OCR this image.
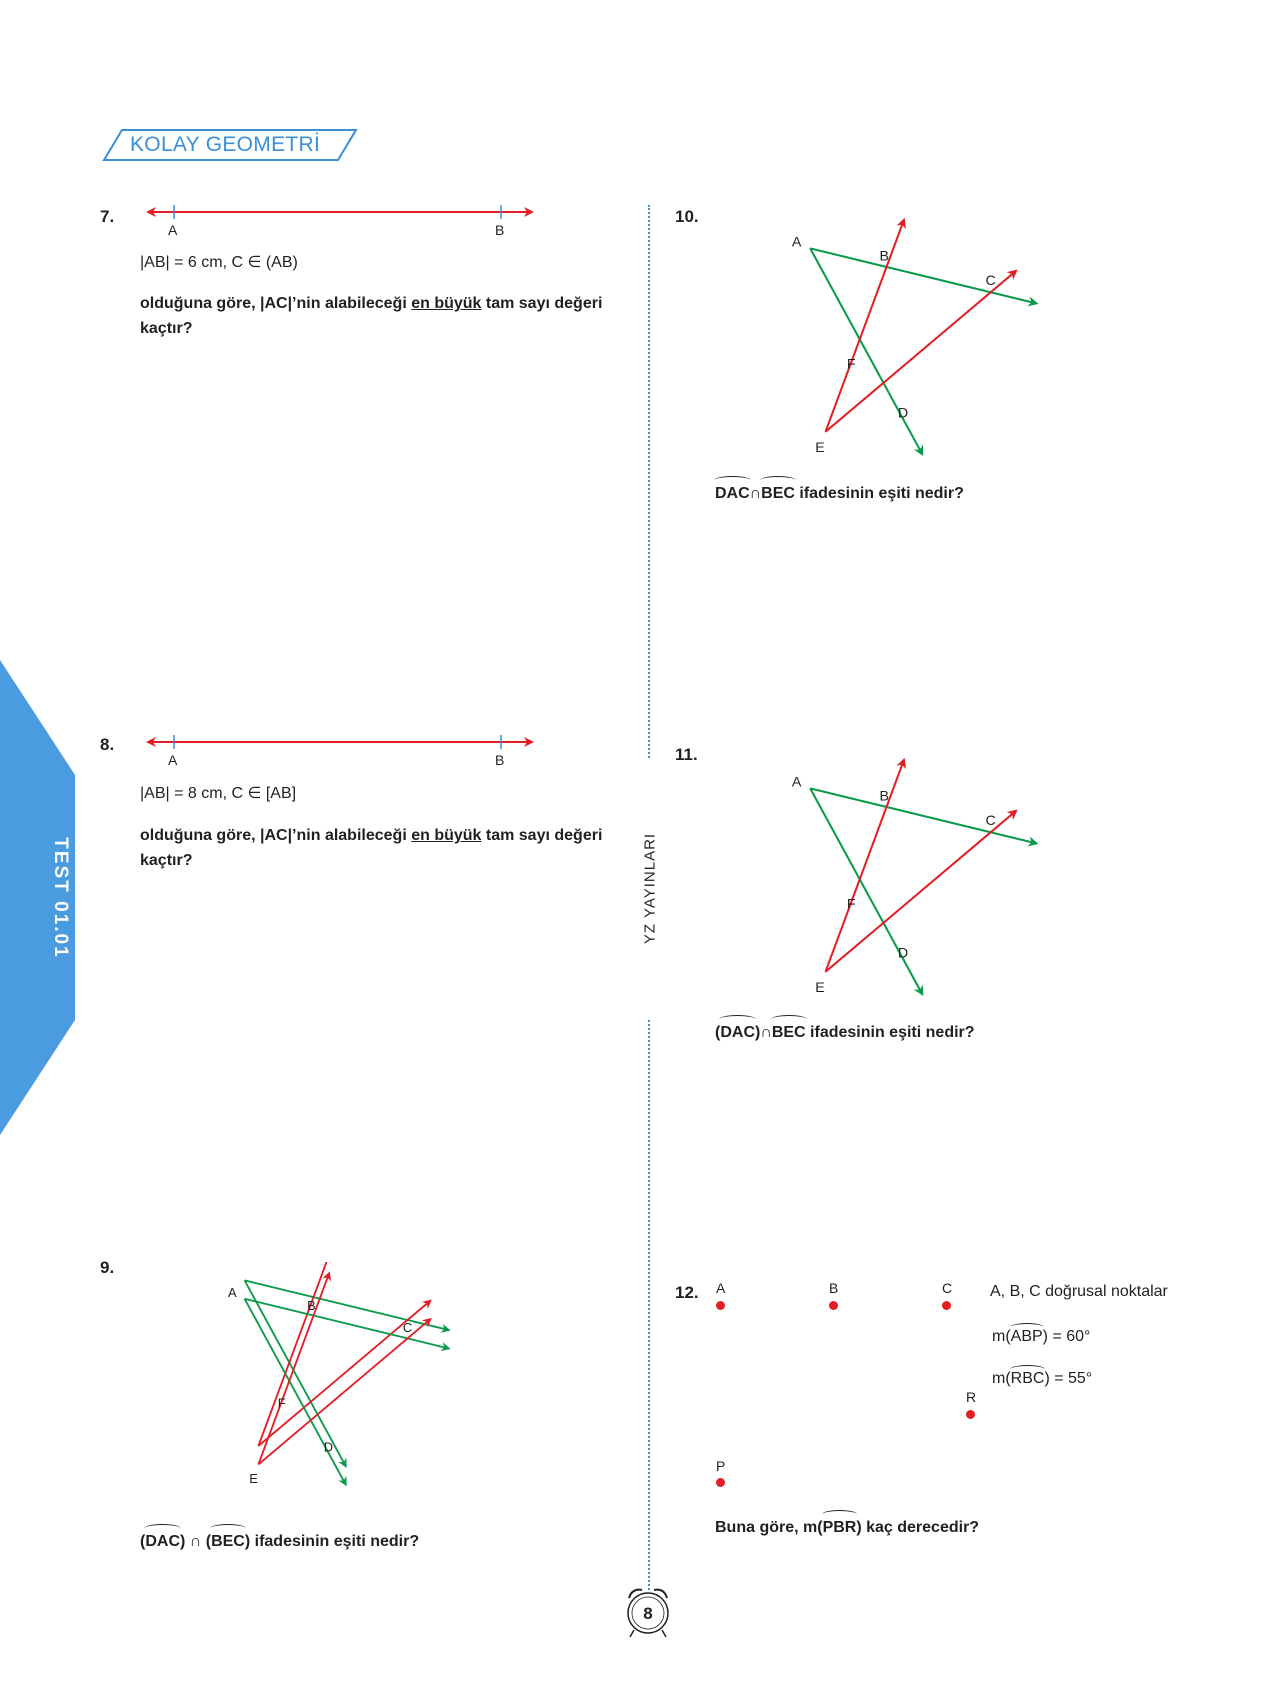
KOLAY GEOMETRİ
TEST 01.01	YZ YAYINLARI
7.
A	B
|AB| = 6 cm, C ∈ (AB)
olduğuna göre, |AC|’nin alabileceği en büyük tam sayı değeri kaçtır?
8.
A	B
|AB| = 8 cm, C ∈ [AB]
olduğuna göre, |AC|’nin alabileceği en büyük tam sayı değeri kaçtır?
9.
A
B
C
D
E
F
(DAC) ∩ (BEC) ifadesinin eşiti nedir?
10.
A
B
C
D
E
F
DAC∩BEC ifadesinin eşiti nedir?
11.
A
B
C
D
E
F
(DAC)∩BEC ifadesinin eşiti nedir?
12. A	B	C
R
P
A, B, C doğrusal noktalar
m(ABP) = 60°
m(RBC) = 55°
Buna göre, m(PBR) kaç derecedir?
8
